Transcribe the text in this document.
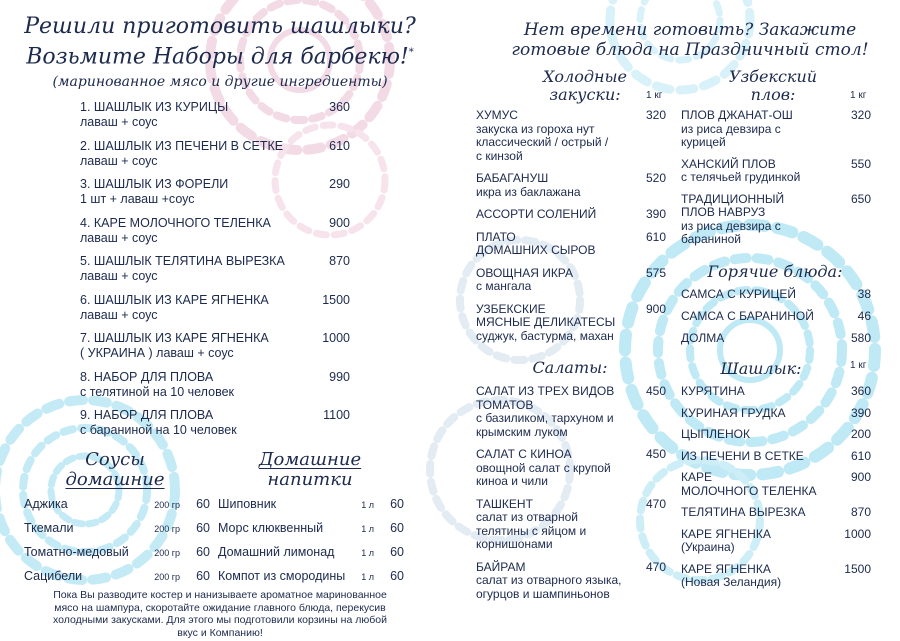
Решили приготовить шашлыки?
Возьмите Наборы для барбекю!*
(маринованное мясо и другие ингредиенты)
1. ШАШЛЫК ИЗ КУРИЦЫ
лаваш + соус
360
2. ШАШЛЫК ИЗ ПЕЧЕНИ В СЕТКЕ
лаваш + соус
610
3. ШАШЛЫК ИЗ ФОРЕЛИ
1 шт + лаваш +соус
290
4. КАРЕ МОЛОЧНОГО ТЕЛЕНКА
лаваш + соус
900
5. ШАШЛЫК ТЕЛЯТИНА ВЫРЕЗКА
лаваш + соус
870
6. ШАШЛЫК ИЗ КАРЕ ЯГНЕНКА
лаваш + соус
1500
7. ШАШЛЫК ИЗ КАРЕ ЯГНЕНКА
( УКРАИНА ) лаваш + соус
1000
8. НАБОР ДЛЯ ПЛОВА
с телятиной на 10 человек
990
9. НАБОР ДЛЯ ПЛОВА
с бараниной на 10 человек
1100
Соусы
домашние
Аджика	200 гр 60
Ткемали	200 гр 60
Томатно-медовый	200 гр 60
Сацибели	200 гр 60
Домашние
напитки
Шиповник	1 л 60
Морс клюквенный	1 л 60
Домашний лимонад	1 л 60
Компот из смородины 1 л 60
Пока Вы разводите костер и нанизываете ароматное маринованное
мясо на шампура, скоротайте ожидание главного блюда, перекусив
холодными закусками. Для этого мы подготовили корзины на любой
вкус и Компанию!
Нет времени готовить? Закажите
готовые блюда на Праздничный стол!
Холодные
закуски:	1 кг
ХУМУС
закуска из гороха нут
классический / острый /
с кинзой
320
БАБАГАНУШ
икра из баклажана
520
АССОРТИ СОЛЕНИЙ	390
ПЛАТО
ДОМАШНИХ СЫРОВ
610
ОВОЩНАЯ ИКРА
с мангала
575
УЗБЕКСКИЕ
МЯСНЫЕ ДЕЛИКАТЕСЫ
суджук, бастурма, махан
900
Салаты:
САЛАТ ИЗ ТРЕХ ВИДОВ
ТОМАТОВ
с базиликом, тархуном и
крымским луком
450
САЛАТ С КИНОА
овощной салат с крупой
киноа и чили
450
ТАШКЕНТ
салат из отварной
телятины с яйцом и
корнишонами
470
БАЙРАМ
салат из отварного языка,
огурцов и шампиньонов
470
Узбекский
плов:	1 кг
ПЛОВ ДЖАНАТ-ОШ
из риса девзира с
курицей
320
ХАНСКИЙ ПЛОВ
с телячьей грудинкой
550
ТРАДИЦИОННЫЙ
ПЛОВ НАВРУЗ
из риса девзира с
бараниной
650
Горячие блюда:
САМСА С КУРИЦЕЙ	38
САМСА С БАРАНИНОЙ	46
ДОЛМА	580
Шашлык:	1 кг
КУРЯТИНА	360
КУРИНАЯ ГРУДКА	390
ЦЫПЛЕНОК	200
ИЗ ПЕЧЕНИ В СЕТКЕ	610
КАРЕ
МОЛОЧНОГО ТЕЛЕНКА
900
ТЕЛЯТИНА ВЫРЕЗКА	870
КАРЕ ЯГНЕНКА
(Украина)
1000
КАРЕ ЯГНЕНКА
(Новая Зеландия)
1500
